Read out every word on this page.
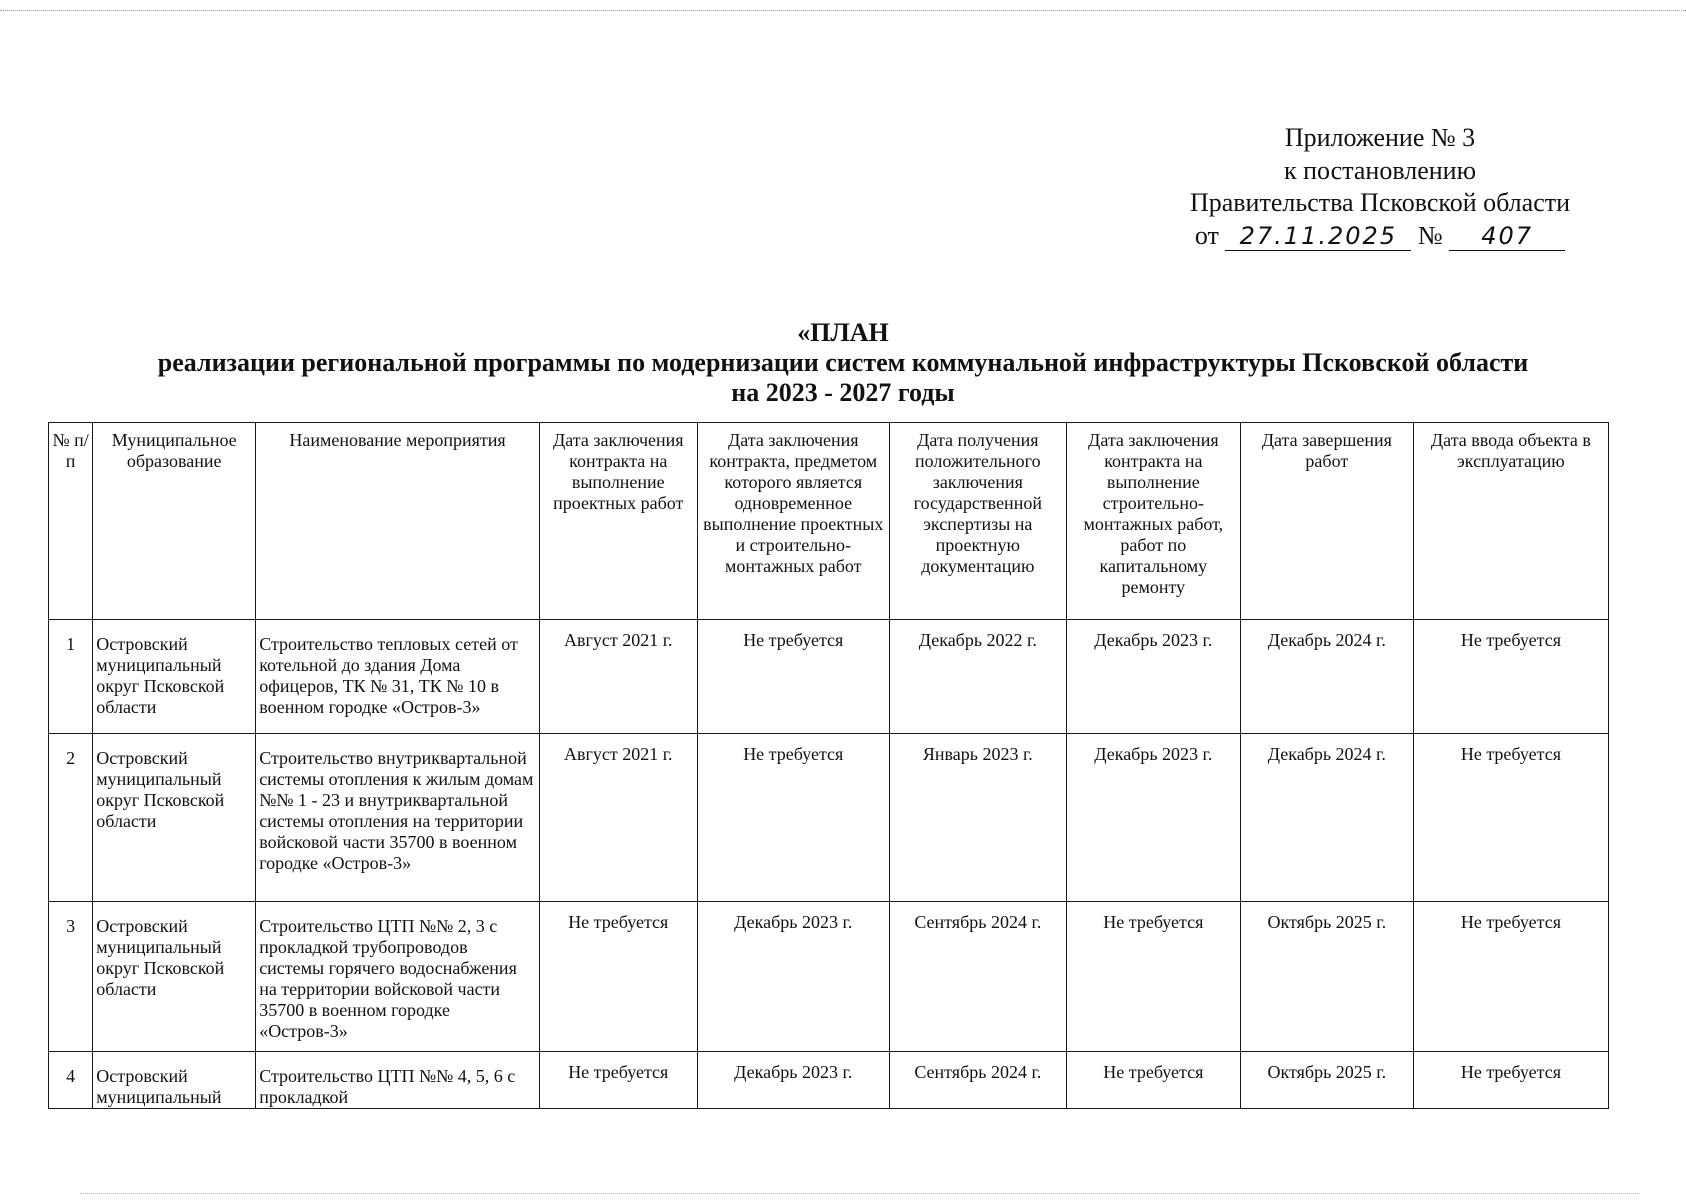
Приложение № 3
к постановлению
Правительства Псковской области
от 27.11.2025 № 407
«ПЛАН
реализации региональной программы по модернизации систем коммунальной инфраструктуры Псковской области
на 2023 - 2027 годы
№ п/п	Муниципальное образование	Наименование мероприятия	Дата заключения контракта на выполнение проектных работ	Дата заключения контракта, предметом которого является одновременное выполнение проектных и строительно-монтажных работ	Дата получения положительного заключения государственной экспертизы на проектную документацию	Дата заключения контракта на выполнение строительно-монтажных работ, работ по капитальному ремонту	Дата завершения работ	Дата ввода объекта в эксплуатацию
1	Островский муниципальный округ Псковской области	Строительство тепловых сетей от котельной до здания Дома офицеров, ТК № 31, ТК № 10 в военном городке «Остров-3»	Август 2021 г.	Не требуется	Декабрь 2022 г.	Декабрь 2023 г.	Декабрь 2024 г.	Не требуется
2	Островский муниципальный округ Псковской области	Строительство внутриквартальной системы отопления к жилым домам №№ 1 - 23 и внутриквартальной системы отопления на территории войсковой части 35700 в военном городке «Остров-3»	Август 2021 г.	Не требуется	Январь 2023 г.	Декабрь 2023 г.	Декабрь 2024 г.	Не требуется
3	Островский муниципальный округ Псковской области	Строительство ЦТП №№ 2, 3 с прокладкой трубопроводов системы горячего водоснабжения на территории войсковой части 35700 в военном городке «Остров-3»	Не требуется	Декабрь 2023 г.	Сентябрь 2024 г.	Не требуется	Октябрь 2025 г.	Не требуется
4	Островский муниципальный	Строительство ЦТП №№ 4, 5, 6 с прокладкой	Не требуется	Декабрь 2023 г.	Сентябрь 2024 г.	Не требуется	Октябрь 2025 г.	Не требуется
